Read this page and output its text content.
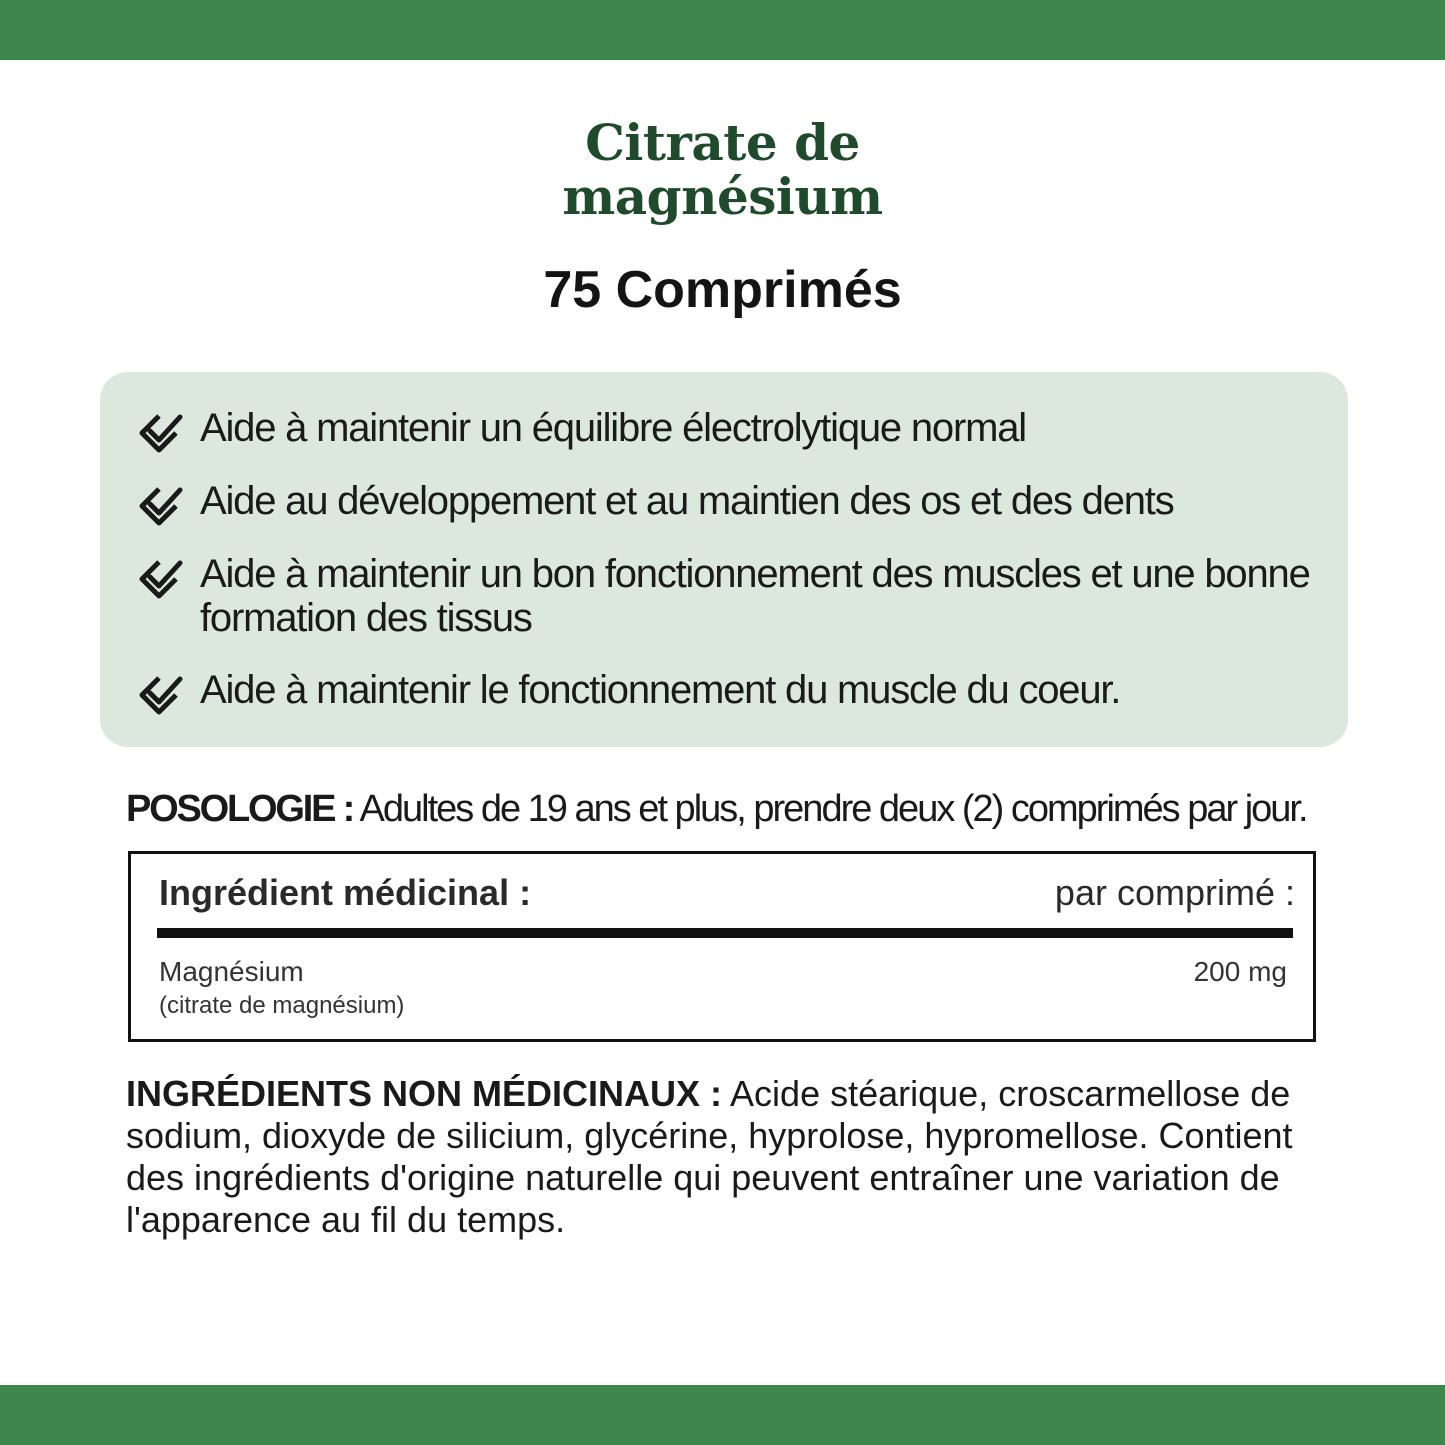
Citrate de
magnésium
75 Comprimés
Aide à maintenir un équilibre électrolytique normal
Aide au développement et au maintien des os et des dents
Aide à maintenir un bon fonctionnement des muscles et une bonne formation des tissus
Aide à maintenir le fonctionnement du muscle du coeur.
POSOLOGIE : Adultes de 19 ans et plus, prendre deux (2) comprimés par jour.
Ingrédient médicinal :	par comprimé :
Magnésium
(citrate de magnésium)
200 mg
INGRÉDIENTS NON MÉDICINAUX : Acide stéarique, croscarmellose de sodium, dioxyde de silicium, glycérine, hyprolose, hypromellose. Contient des ingrédients d'origine naturelle qui peuvent entraîner une variation de l'apparence au fil du temps.
